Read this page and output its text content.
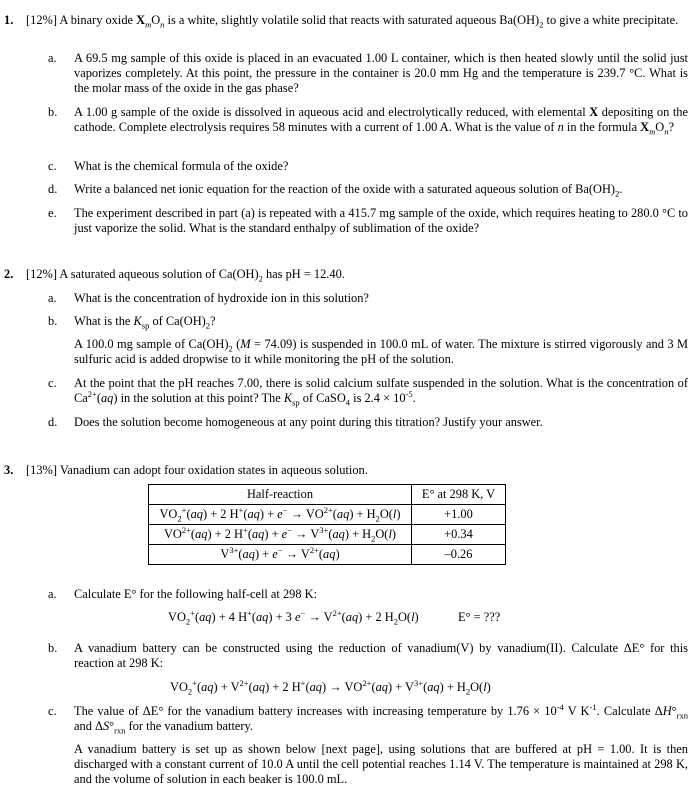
1. [12%] A binary oxide $X_mO_n$ is a white, slightly volatile solid that reacts with saturated aqueous $Ba(OH)_2$ to give a white precipitate.
a. A 69.5 mg sample of this oxide is placed in an evacuated 1.00 L container, which is then heated slowly until the solid just vaporizes completely. At this point, the pressure in the container is 20.0 mm Hg and the temperature is 239.7 °C. What is the molar mass of the oxide in the gas phase?
b. A 1.00 g sample of the oxide is dissolved in aqueous acid and electrolytically reduced, with elemental X depositing on the cathode. Complete electrolysis requires 58 minutes with a current of 1.00 A. What is the value of n in the formula $X_mO_n$?
c. What is the chemical formula of the oxide?
d. Write a balanced net ionic equation for the reaction of the oxide with a saturated aqueous solution of $Ba(OH)_2$.
e. The experiment described in part (a) is repeated with a 415.7 mg sample of the oxide, which requires heating to 280.0 °C to just vaporize the solid. What is the standard enthalpy of sublimation of the oxide?
2. [12%] A saturated aqueous solution of $Ca(OH)_2$ has pH = 12.40.
a. What is the concentration of hydroxide ion in this solution?
b. What is the $K_{sp}$ of $Ca(OH)_2$?
A 100.0 mg sample of $Ca(OH)_2$ (M = 74.09) is suspended in 100.0 mL of water. The mixture is stirred vigorously and 3 M sulfuric acid is added dropwise to it while monitoring the pH of the solution.
c. At the point that the pH reaches 7.00, there is solid calcium sulfate suspended in the solution. What is the concentration of $Ca^{2+}(aq)$ in the solution at this point? The $K_{sp}$ of CaSO$_4$ is $2.4 \times 10^{-5}$.
d. Does the solution become homogeneous at any point during this titration? Justify your answer.
3. [13%] Vanadium can adopt four oxidation states in aqueous solution.
Half-reaction	E° at 298 K, V
$VO_2^+(aq) + 2$ $H^+(aq) + e^- \to VO^{2+}(aq) + H_2O(l)$	+1.00
$VO^{2+}(aq) + 2$ $H^+(aq) + e^- \to V^{3+}(aq) + H_2O(l)$	+0.34
$V^{3+}(aq) + e^- \to V^{2+}(aq)$	–0.26
a. Calculate E° for the following half-cell at 298 K:
$VO_2^+(aq) + 4$ H+(aq) + 3 $e^- \to V^{2+}(aq) + 2$ $H_2O(l)$	E° = ???
b. A vanadium battery can be constructed using the reduction of vanadium(V) by vanadium(II). Calculate ΔE° for this reaction at 298 K:
$VO_2^+(aq) + V^{2+}(aq) + 2$ $H^+(aq) \to VO^{2+}(aq) + V^{3+}(aq) + H_2O(l)$
c. The value of ΔE° for the vanadium battery increases with increasing temperature by $1.76 \times 10^{-4}$ V $K^{-1}$. Calculate $\Delta H^\circ_{rxn}$ and $\Delta S^\circ_{rxn}$ for the vanadium battery.
A vanadium battery is set up as shown below [next page], using solutions that are buffered at pH = 1.00. It is then discharged with a constant current of 10.0 A until the cell potential reaches 1.14 V. The temperature is maintained at 298 K, and the volume of solution in each beaker is 100.0 mL.
